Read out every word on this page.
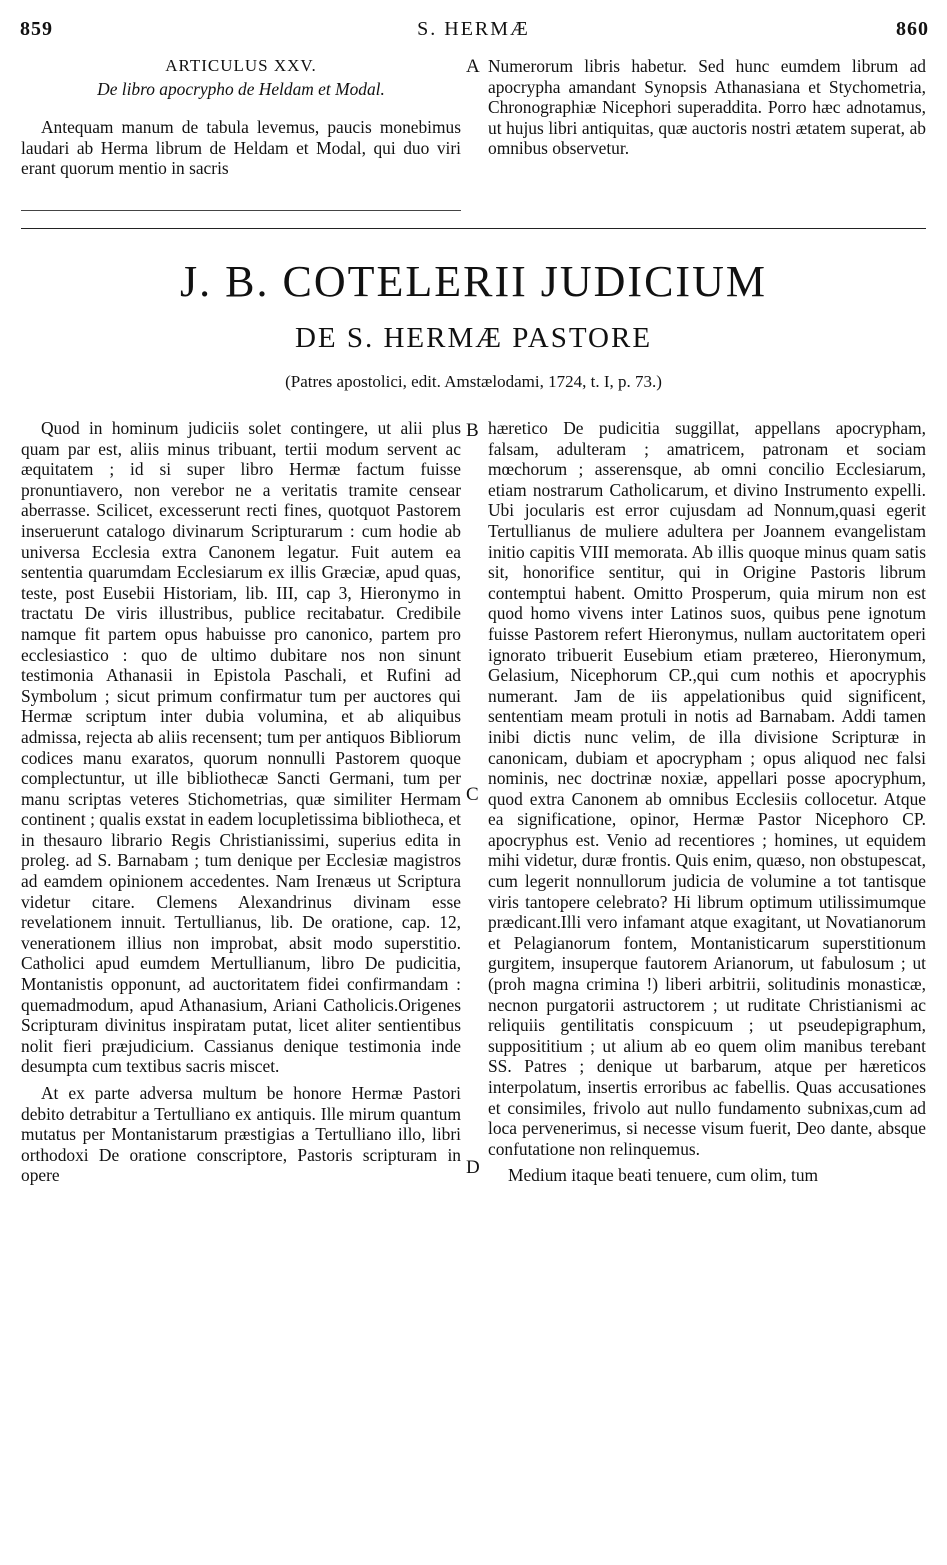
859	S. HERMÆ	860
ARTICULUS XXV.
De libro apocrypho de Heldam et Modal.

Antequam manum de tabula levemus, paucis monebimus laudari ab Herma librum de Heldam et Modal, qui duo viri erant quorum mentio in sacris

A Numerorum libris habetur. Sed hunc eumdem librum ad apocrypha amandant Synopsis Athanasiana et Stychometria, Chronographiæ Nicephori superaddita. Porro hæc adnotamus, ut hujus libri antiquitas, quæ auctoris nostri ætatem superat, ab omnibus observetur.

J. B. COTELERII JUDICIUM
DE S. HERMÆ PASTORE
(Patres apostolici, edit. Amstælodami, 1724, t. I, p. 73.)

Quod in hominum judiciis solet contingere, ut alii plus quam par est, aliis minus tribuant, tertii modum servent ac æquitatem ; id si super libro Hermæ factum fuisse pronuntiavero, non verebor ne a veritatis tramite censear aberrasse. Scilicet, excesserunt recti fines, quotquot Pastorem inseruerunt catalogo divinarum Scripturarum : cum hodie ab universa Ecclesia extra Canonem legatur. Fuit autem ea sententia quarumdam Ecclesiarum ex illis Græciæ, apud quas, teste, post Eusebii Historiam, lib. III, cap 3, Hieronymo in tractatu De viris illustribus, publice recitabatur. Credibile namque fit partem opus habuisse pro canonico, partem pro ecclesiastico : quo de ultimo dubitare nos non sinunt testimonia Athanasii in Epistola Paschali, et Rufini ad Symbolum ; sicut primum confirmatur tum per auctores qui Hermæ scriptum inter dubia volumina, et ab aliquibus admissa, rejecta ab aliis recensent; tum per antiquos Bibliorum codices manu exaratos, quorum nonnulli Pastorem quoque complectuntur, ut ille bibliothecæ Sancti Germani, tum per manu scriptas veteres Stichometrias, quæ similiter Hermam continent ; qualis exstat in eadem locupletissima bibliotheca, et in thesauro librario Regis Christianissimi, superius edita in proleg. ad S. Barnabam ; tum denique per Ecclesiæ magistros ad eamdem opinionem accedentes. Nam Irenæus ut Scriptura videtur citare. Clemens Alexandrinus divinam esse revelationem innuit. Tertullianus, lib. De oratione, cap. 12, venerationem illius non improbat, absit modo superstitio. Catholici apud eumdem Mertullianum, libro De pudicitia, Montanistis opponunt, ad auctoritatem fidei confirmandam : quemadmodum, apud Athanasium, Ariani Catholicis.Origenes Scripturam divinitus inspiratam putat, licet aliter sentientibus nolit fieri præjudicium. Cassianus denique testimonia inde desumpta cum textibus sacris miscet.

At ex parte adversa multum be honore Hermæ Pastori debito detrabitur a Tertulliano ex antiquis. Ille mirum quantum mutatus per Montanistarum præstigias a Tertulliano illo, libri orthodoxi De oratione conscriptore, Pastoris scripturam in opere

B
C
D

hæretico De pudicitia suggillat, appellans apocrypham, falsam, adulteram ; amatricem, patronam et sociam mœchorum ; asserensque, ab omni concilio Ecclesiarum, etiam nostrarum Catholicarum, et divino Instrumento expelli. Ubi jocularis est error cujusdam ad Nonnum,quasi egerit Tertullianus de muliere adultera per Joannem evangelistam initio capitis VIII memorata. Ab illis quoque minus quam satis sit, honorifice sentitur, qui in Origine Pastoris librum contemptui habent. Omitto Prosperum, quia mirum non est quod homo vivens inter Latinos suos, quibus pene ignotum fuisse Pastorem refert Hieronymus, nullam auctoritatem operi ignorato tribuerit Eusebium etiam prætereo, Hieronymum, Gelasium, Nicephorum CP.,qui cum nothis et apocryphis numerant. Jam de iis appelationibus quid significent, sententiam meam protuli in notis ad Barnabam. Addi tamen inibi dictis nunc velim, de illa divisione Scripturæ in canonicam, dubiam et apocrypham ; opus aliquod nec falsi nominis, nec doctrinæ noxiæ, appellari posse apocryphum, quod extra Canonem ab omnibus Ecclesiis collocetur. Atque ea significatione, opinor, Hermæ Pastor Nicephoro CP. apocryphus est. Venio ad recentiores ; homines, ut equidem mihi videtur, duræ frontis. Quis enim, quæso, non obstupescat, cum legerit nonnullorum judicia de volumine a tot tantisque viris tantopere celebrato? Hi librum optimum utilissimumque prædicant.Illi vero infamant atque exagitant, ut Novatianorum et Pelagianorum fontem, Montanisticarum superstitionum gurgitem, insuperque fautorem Arianorum, ut fabulosum ; ut (proh magna crimina !) liberi arbitrii, solitudinis monasticæ, necnon purgatorii astructorem ; ut ruditate Christianismi ac reliquiis gentilitatis conspicuum ; ut pseudepigraphum, supposititium ; ut alium ab eo quem olim manibus terebant SS. Patres ; denique ut barbarum, atque per hæreticos interpolatum, insertis erroribus ac fabellis. Quas accusationes et consimiles, frivolo aut nullo fundamento subnixas,cum ad loca pervenerimus, si necesse visum fuerit, Deo dante, absque confutatione non relinquemus.

Medium itaque beati tenuere, cum olim, tum
